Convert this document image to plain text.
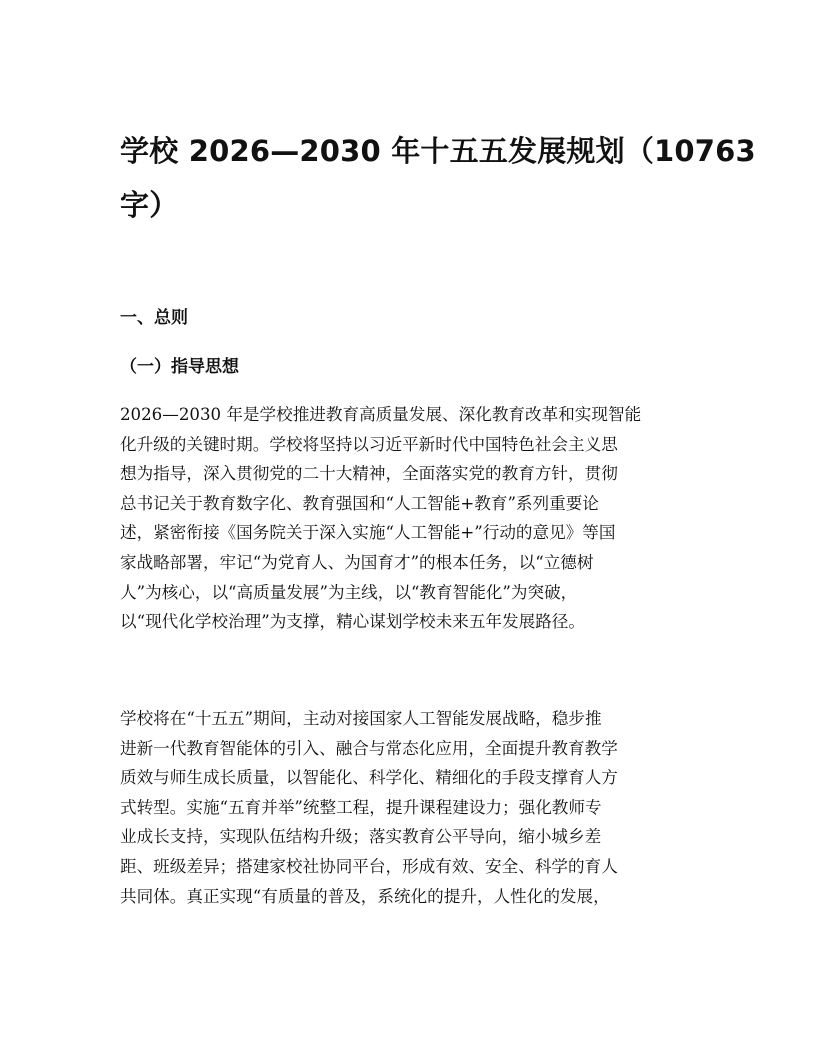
学校 2026—2030 年十五五发展规划（10763
字）
一、总则
（一）指导思想

2026—2030 年是学校推进教育高质量发展、深化教育改革和实现智能
化升级的关键时期。学校将坚持以习近平新时代中国特色社会主义思
想为指导，深入贯彻党的二十大精神，全面落实党的教育方针，贯彻
总书记关于教育数字化、教育强国和“人工智能+教育”系列重要论
述，紧密衔接《国务院关于深入实施“人工智能+”行动的意见》等国
家战略部署，牢记“为党育人、为国育才”的根本任务，以“立德树
人”为核心，以“高质量发展”为主线，以“教育智能化”为突破，
以“现代化学校治理”为支撑，精心谋划学校未来五年发展路径。

学校将在“十五五”期间，主动对接国家人工智能发展战略，稳步推
进新一代教育智能体的引入、融合与常态化应用，全面提升教育教学
质效与师生成长质量，以智能化、科学化、精细化的手段支撑育人方
式转型。实施“五育并举”统整工程，提升课程建设力；强化教师专
业成长支持，实现队伍结构升级；落实教育公平导向，缩小城乡差
距、班级差异；搭建家校社协同平台，形成有效、安全、科学的育人
共同体。真正实现“有质量的普及，系统化的提升，人性化的发展，
